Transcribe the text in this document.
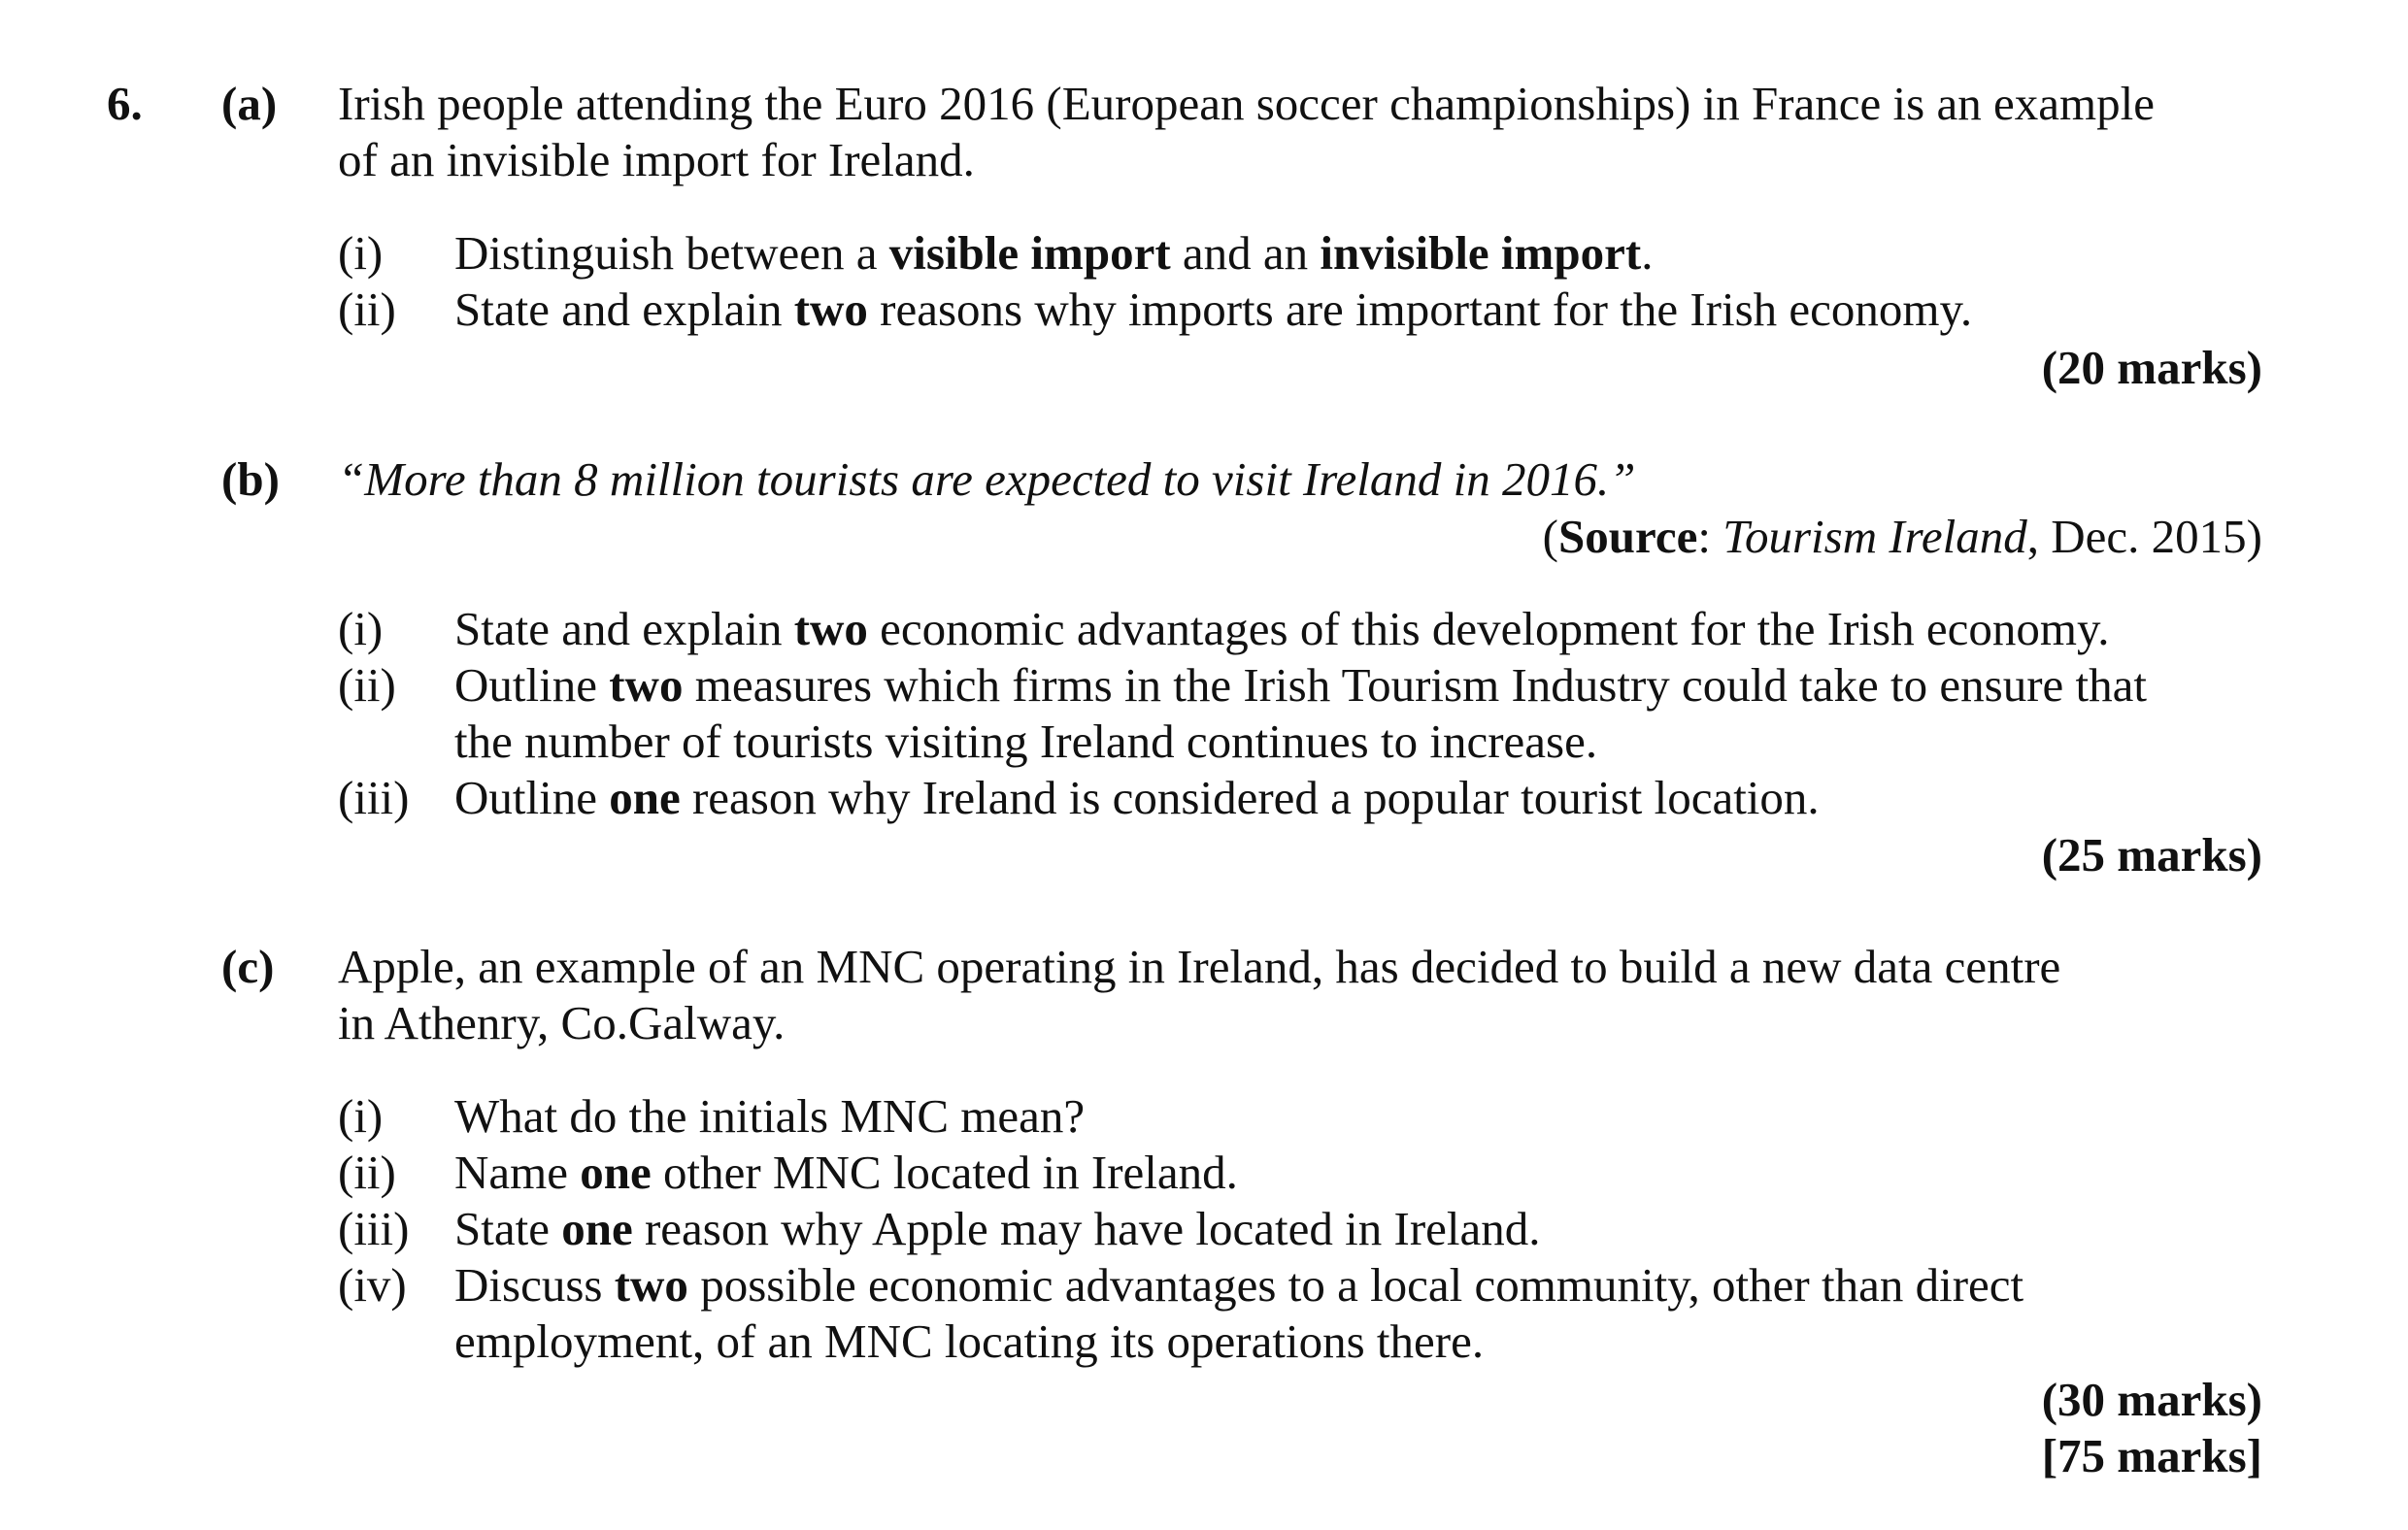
6. (a) Irish people attending the Euro 2016 (European soccer championships) in France is an example
of an invisible import for Ireland.
(i) Distinguish between a visible import and an invisible import.
(ii) State and explain two reasons why imports are important for the Irish economy.
(20 marks)
(b) “More than 8 million tourists are expected to visit Ireland in 2016.”
(Source: Tourism Ireland, Dec. 2015)
(i) State and explain two economic advantages of this development for the Irish economy.
(ii) Outline two measures which firms in the Irish Tourism Industry could take to ensure that
the number of tourists visiting Ireland continues to increase.
(iii) Outline one reason why Ireland is considered a popular tourist location.
(25 marks)
(c) Apple, an example of an MNC operating in Ireland, has decided to build a new data centre
in Athenry, Co.Galway.
(i) What do the initials MNC mean?
(ii) Name one other MNC located in Ireland.
(iii) State one reason why Apple may have located in Ireland.
(iv) Discuss two possible economic advantages to a local community, other than direct
employment, of an MNC locating its operations there.
(30 marks)
[75 marks]
